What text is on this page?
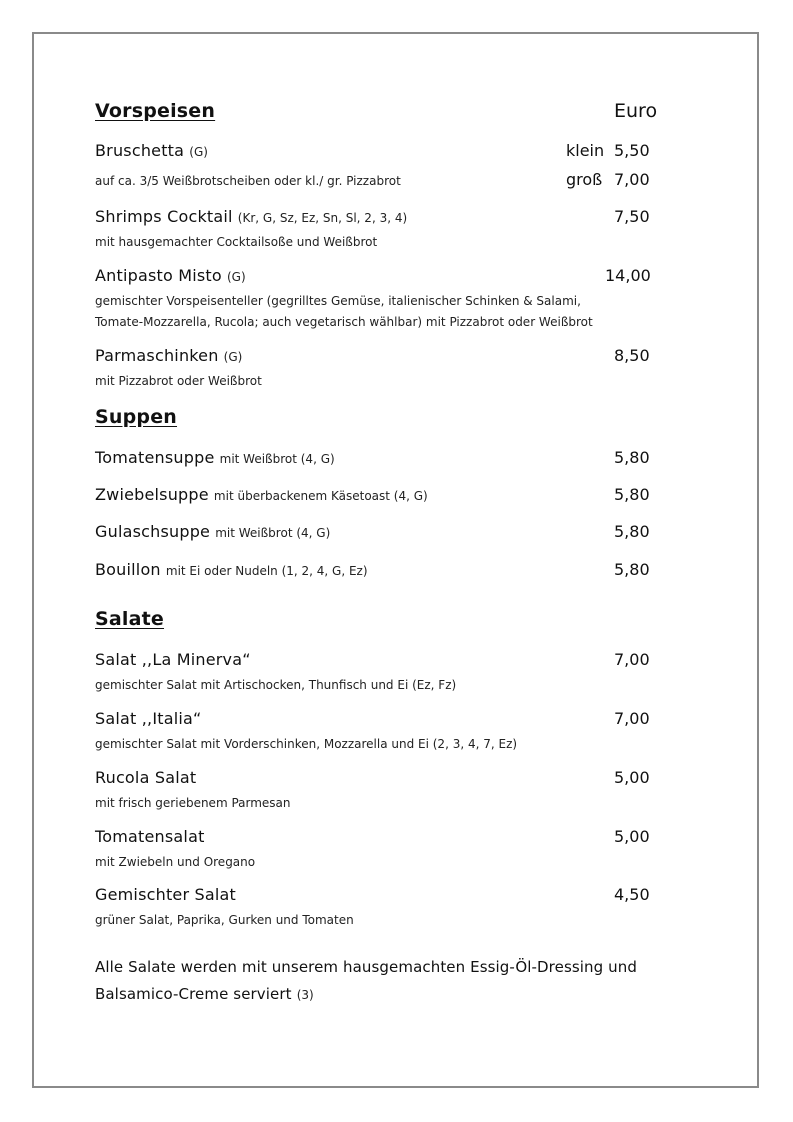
Vorspeisen	Euro
Bruschetta (G)	klein 5,50
auf ca. 3/5 Weißbrotscheiben oder kl./ gr. Pizzabrot	groß 7,00
Shrimps Cocktail (Kr, G, Sz, Ez, Sn, Sl, 2, 3, 4)	7,50
mit hausgemachter Cocktailsoße und Weißbrot
Antipasto Misto (G)	14,00
gemischter Vorspeisenteller (gegrilltes Gemüse, italienischer Schinken & Salami,
Tomate-Mozzarella, Rucola; auch vegetarisch wählbar) mit Pizzabrot oder Weißbrot
Parmaschinken (G)	8,50
mit Pizzabrot oder Weißbrot
Suppen
Tomatensuppe mit Weißbrot (4, G)	5,80
Zwiebelsuppe mit überbackenem Käsetoast (4, G)	5,80
Gulaschsuppe mit Weißbrot (4, G)	5,80
Bouillon mit Ei oder Nudeln (1, 2, 4, G, Ez)	5,80
Salate
Salat ,,La Minerva“	7,00
gemischter Salat mit Artischocken, Thunfisch und Ei (Ez, Fz)
Salat ,,Italia“	7,00
gemischter Salat mit Vorderschinken, Mozzarella und Ei (2, 3, 4, 7, Ez)
Rucola Salat	5,00
mit frisch geriebenem Parmesan
Tomatensalat	5,00
mit Zwiebeln und Oregano
Gemischter Salat	4,50
grüner Salat, Paprika, Gurken und Tomaten
Alle Salate werden mit unserem hausgemachten Essig-Öl-Dressing und
Balsamico-Creme serviert (3)
